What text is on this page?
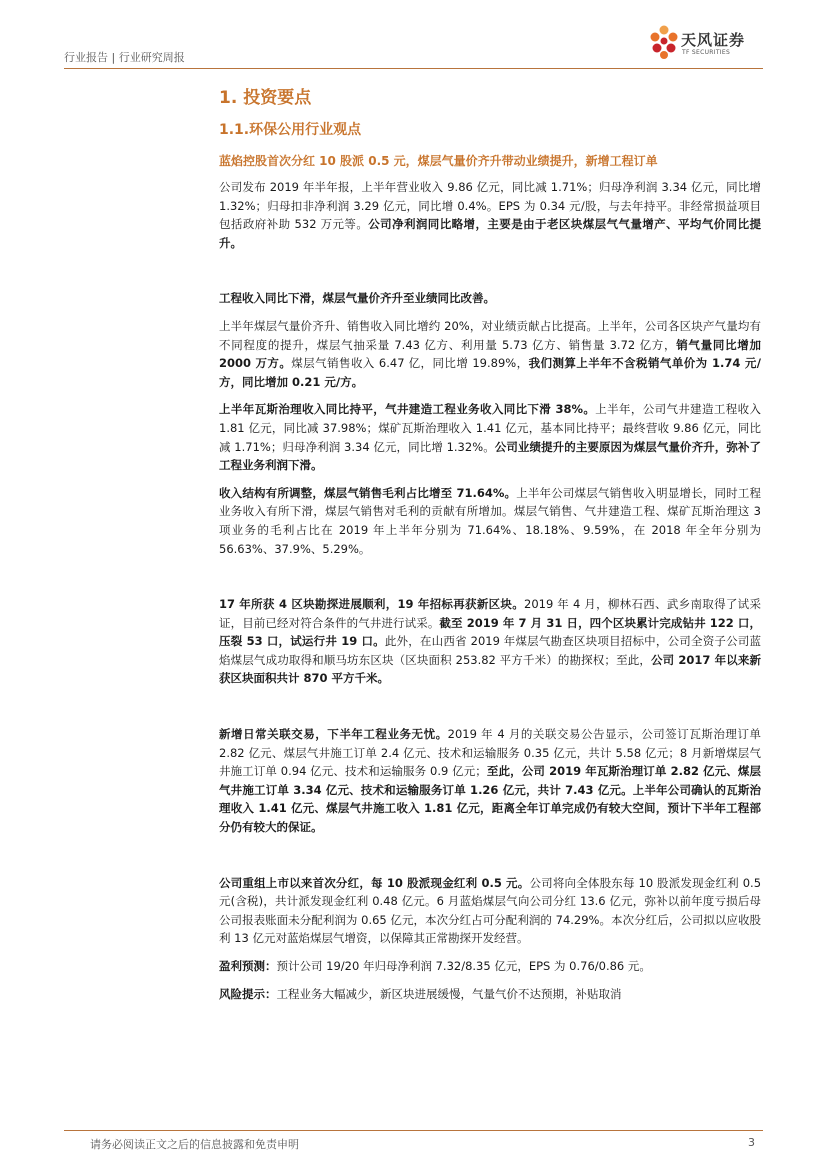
行业报告 | 行业研究周报
天风证券
TF SECURITIES
1. 投资要点
1.1.环保公用行业观点
蓝焰控股首次分红 10 股派 0.5 元，煤层气量价齐升带动业绩提升，新增工程订单

公司发布 2019 年半年报，上半年营业收入 9.86 亿元，同比减 1.71%；归母净利润 3.34 亿元，同比增 1.32%；归母扣非净利润 3.29 亿元，同比增 0.4%。EPS 为 0.34 元/股，与去年持平。非经常损益项目包括政府补助 532 万元等。公司净利润同比略增，主要是由于老区块煤层气气量增产、平均气价同比提升。

工程收入同比下滑，煤层气量价齐升至业绩同比改善。

上半年煤层气量价齐升、销售收入同比增约 20%，对业绩贡献占比提高。上半年，公司各区块产气量均有不同程度的提升，煤层气抽采量 7.43 亿方、利用量 5.73 亿方、销售量 3.72 亿方，销气量同比增加 2000 万方。煤层气销售收入 6.47 亿，同比增 19.89%，我们测算上半年不含税销气单价为 1.74 元/方，同比增加 0.21 元/方。

上半年瓦斯治理收入同比持平，气井建造工程业务收入同比下滑 38%。上半年，公司气井建造工程收入 1.81 亿元，同比减 37.98%；煤矿瓦斯治理收入 1.41 亿元，基本同比持平；最终营收 9.86 亿元，同比减 1.71%；归母净利润 3.34 亿元，同比增 1.32%。公司业绩提升的主要原因为煤层气量价齐升，弥补了工程业务利润下滑。

收入结构有所调整，煤层气销售毛利占比增至 71.64%。上半年公司煤层气销售收入明显增长，同时工程业务收入有所下滑，煤层气销售对毛利的贡献有所增加。煤层气销售、气井建造工程、煤矿瓦斯治理这 3 项业务的毛利占比在 2019 年上半年分别为 71.64%、18.18%、9.59%，在 2018 年全年分别为 56.63%、37.9%、5.29%。

17 年所获 4 区块勘探进展顺利，19 年招标再获新区块。2019 年 4 月，柳林石西、武乡南取得了试采证，目前已经对符合条件的气井进行试采。截至 2019 年 7 月 31 日，四个区块累计完成钻井 122 口，压裂 53 口，试运行井 19 口。此外，在山西省 2019 年煤层气勘查区块项目招标中，公司全资子公司蓝焰煤层气成功取得和顺马坊东区块（区块面积 253.82 平方千米）的勘探权；至此，公司 2017 年以来新获区块面积共计 870 平方千米。

新增日常关联交易，下半年工程业务无忧。2019 年 4 月的关联交易公告显示，公司签订瓦斯治理订单 2.82 亿元、煤层气井施工订单 2.4 亿元、技术和运输服务 0.35 亿元，共计 5.58 亿元；8 月新增煤层气井施工订单 0.94 亿元、技术和运输服务 0.9 亿元；至此，公司 2019 年瓦斯治理订单 2.82 亿元、煤层气井施工订单 3.34 亿元、技术和运输服务订单 1.26 亿元，共计 7.43 亿元。上半年公司确认的瓦斯治理收入 1.41 亿元、煤层气井施工收入 1.81 亿元，距离全年订单完成仍有较大空间，预计下半年工程部分仍有较大的保证。

公司重组上市以来首次分红，每 10 股派现金红利 0.5 元。公司将向全体股东每 10 股派发现金红利 0.5 元(含税)，共计派发现金红利 0.48 亿元。6 月蓝焰煤层气向公司分红 13.6 亿元，弥补以前年度亏损后母公司报表账面未分配利润为 0.65 亿元，本次分红占可分配利润的 74.29%。本次分红后，公司拟以应收股利 13 亿元对蓝焰煤层气增资，以保障其正常勘探开发经营。

盈利预测：预计公司 19/20 年归母净利润 7.32/8.35 亿元，EPS 为 0.76/0.86 元。

风险提示：工程业务大幅减少，新区块进展缓慢，气量气价不达预期，补贴取消

请务必阅读正文之后的信息披露和免责申明	3
